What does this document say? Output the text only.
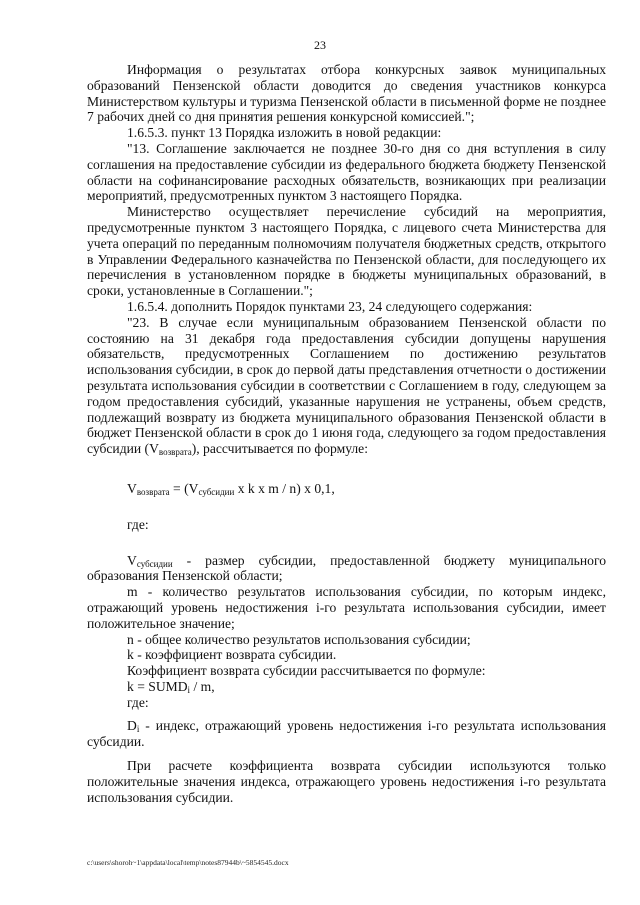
23

Информация о результатах отбора конкурсных заявок муниципальных образований Пензенской области доводится до сведения участников конкурса Министерством культуры и туризма Пензенской области в письменной форме не позднее 7 рабочих дней со дня принятия решения конкурсной комиссией.";

1.6.5.3. пункт 13 Порядка изложить в новой редакции:

"13. Соглашение заключается не позднее 30-го дня со дня вступления в силу соглашения на предоставление субсидии из федерального бюджета бюджету Пензенской области на софинансирование расходных обязательств, возникающих при реализации мероприятий, предусмотренных пунктом 3 настоящего Порядка.

Министерство осуществляет перечисление субсидий на мероприятия, предусмотренные пунктом 3 настоящего Порядка, с лицевого счета Министерства для учета операций по переданным полномочиям получателя бюджетных средств, открытого в Управлении Федерального казначейства по Пензенской области, для последующего их перечисления в установленном порядке в бюджеты муниципальных образований, в сроки, установленные в Соглашении.";

1.6.5.4. дополнить Порядок пунктами 23, 24 следующего содержания:

"23. В случае если муниципальным образованием Пензенской области по состоянию на 31 декабря года предоставления субсидии допущены нарушения обязательств, предусмотренных Соглашением по достижению результатов использования субсидии, в срок до первой даты представления отчетности о достижении результата использования субсидии в соответствии с Соглашением в году, следующем за годом предоставления субсидий, указанные нарушения не устранены, объем средств, подлежащий возврату из бюджета муниципального образования Пензенской области в бюджет Пензенской области в срок до 1 июня года, следующего за годом предоставления субсидии $(V_{возврата})$, рассчитывается по формуле:

$V_{возврата} = (V_{субсидии}$ x k x m / n) x 0,1,

где:

$V_{субсидии}$ - размер субсидии, предоставленной бюджету муниципального образования Пензенской области;

m - количество результатов использования субсидии, по которым индекс, отражающий уровень недостижения i-го результата использования субсидии, имеет положительное значение;

n - общее количество результатов использования субсидии;

k - коэффициент возврата субсидии.

Коэффициент возврата субсидии рассчитывается по формуле:

$k = SUMD_i / m$,

где:

$D_i$ - индекс, отражающий уровень недостижения i-го результата использования субсидии.

При расчете коэффициента возврата субсидии используются только положительные значения индекса, отражающего уровень недостижения i-го результата использования субсидии.

c:\users\shoroh~1\appdata\local\temp\notes87944b\~5854545.docx
